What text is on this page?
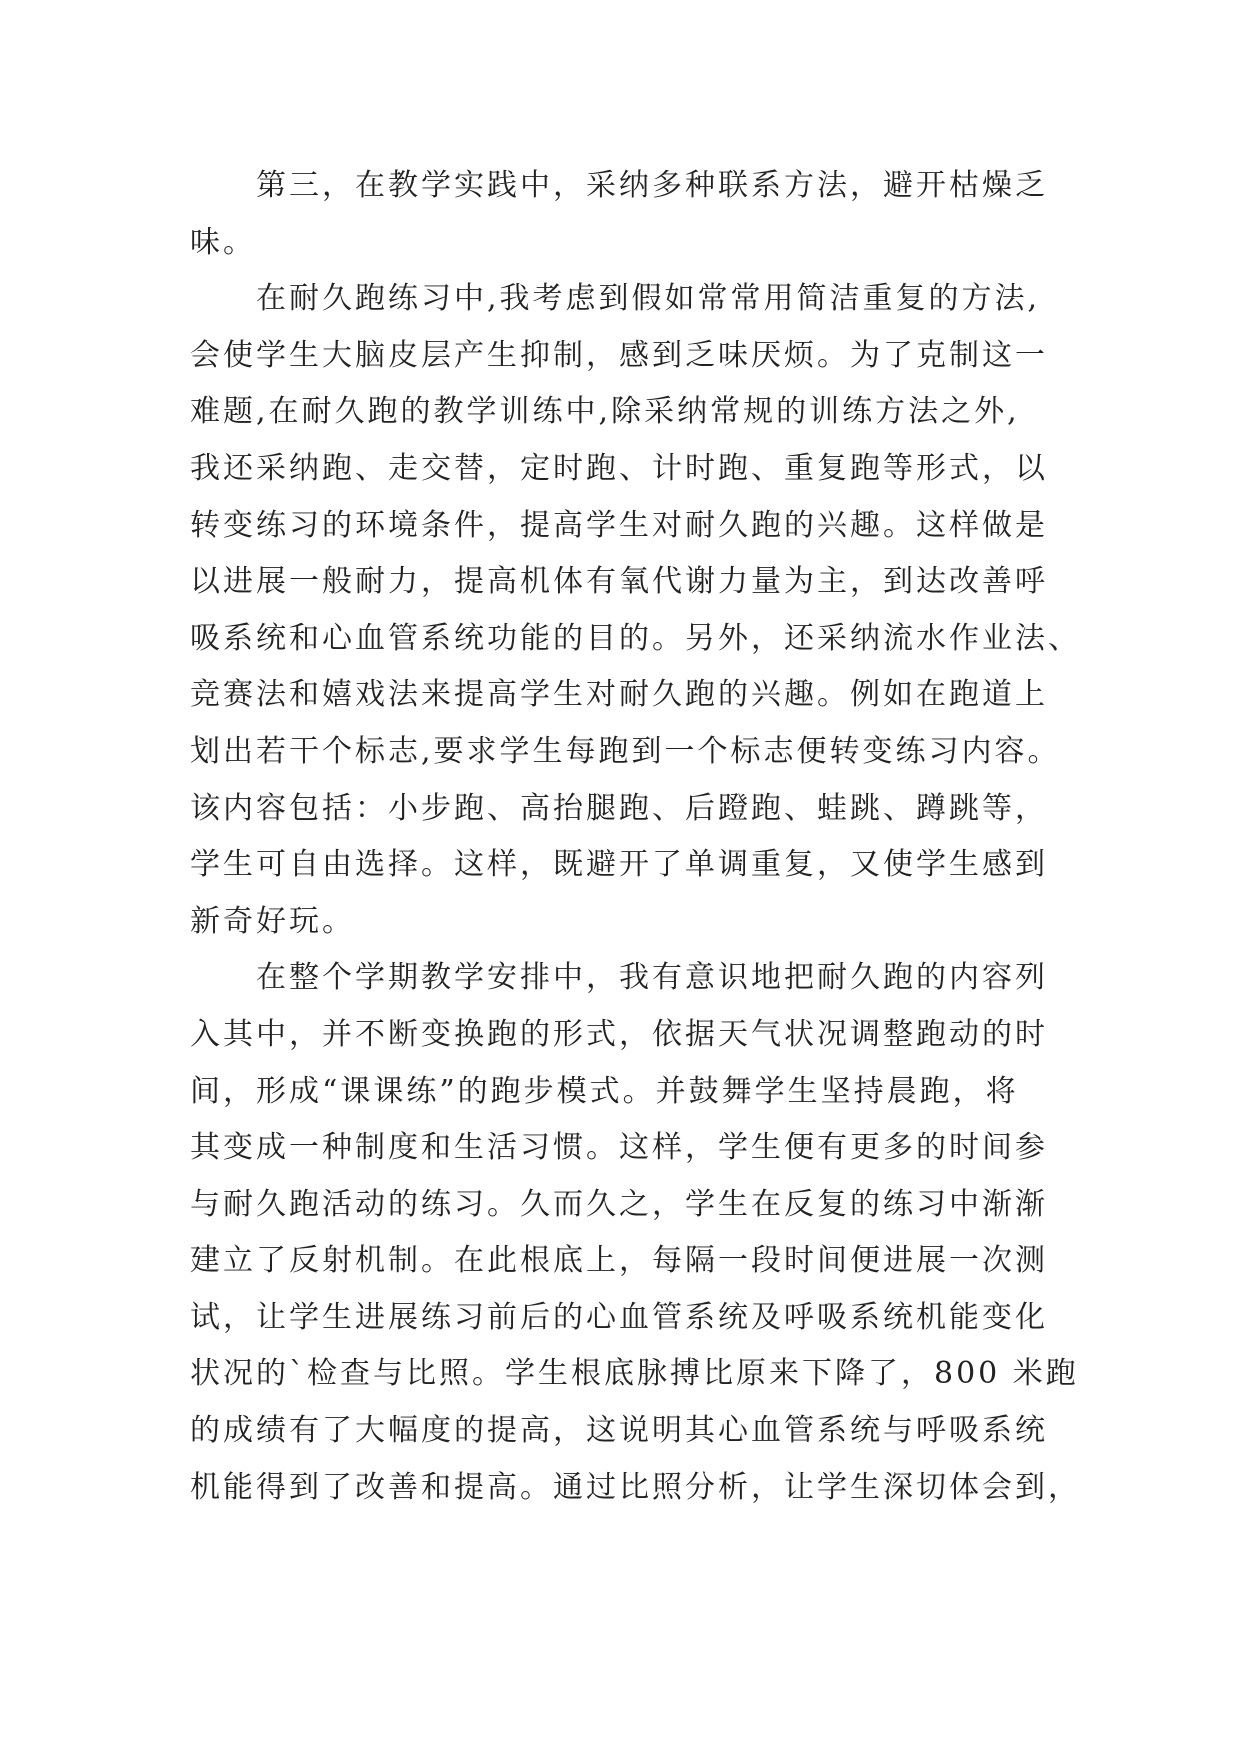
第三，在教学实践中，采纳多种联系方法，避开枯燥乏
味。
在耐久跑练习中,我考虑到假如常常用简洁重复的方法,
会使学生大脑皮层产生抑制，感到乏味厌烦。为了克制这一
难题,在耐久跑的教学训练中,除采纳常规的训练方法之外,
我还采纳跑、走交替，定时跑、计时跑、重复跑等形式，以
转变练习的环境条件，提高学生对耐久跑的兴趣。这样做是
以进展一般耐力，提高机体有氧代谢力量为主，到达改善呼
吸系统和心血管系统功能的目的。另外，还采纳流水作业法、
竞赛法和嬉戏法来提高学生对耐久跑的兴趣。例如在跑道上
划出若干个标志,要求学生每跑到一个标志便转变练习内容。
该内容包括：小步跑、高抬腿跑、后蹬跑、蛙跳、蹲跳等，
学生可自由选择。这样，既避开了单调重复，又使学生感到
新奇好玩。
在整个学期教学安排中，我有意识地把耐久跑的内容列
入其中，并不断变换跑的形式，依据天气状况调整跑动的时
间，形成“课课练”的跑步模式。并鼓舞学生坚持晨跑，将
其变成一种制度和生活习惯。这样，学生便有更多的时间参
与耐久跑活动的练习。久而久之，学生在反复的练习中渐渐
建立了反射机制。在此根底上，每隔一段时间便进展一次测
试，让学生进展练习前后的心血管系统及呼吸系统机能变化
状况的`检查与比照。学生根底脉搏比原来下降了，800 米跑
的成绩有了大幅度的提高，这说明其心血管系统与呼吸系统
机能得到了改善和提高。通过比照分析，让学生深切体会到，
